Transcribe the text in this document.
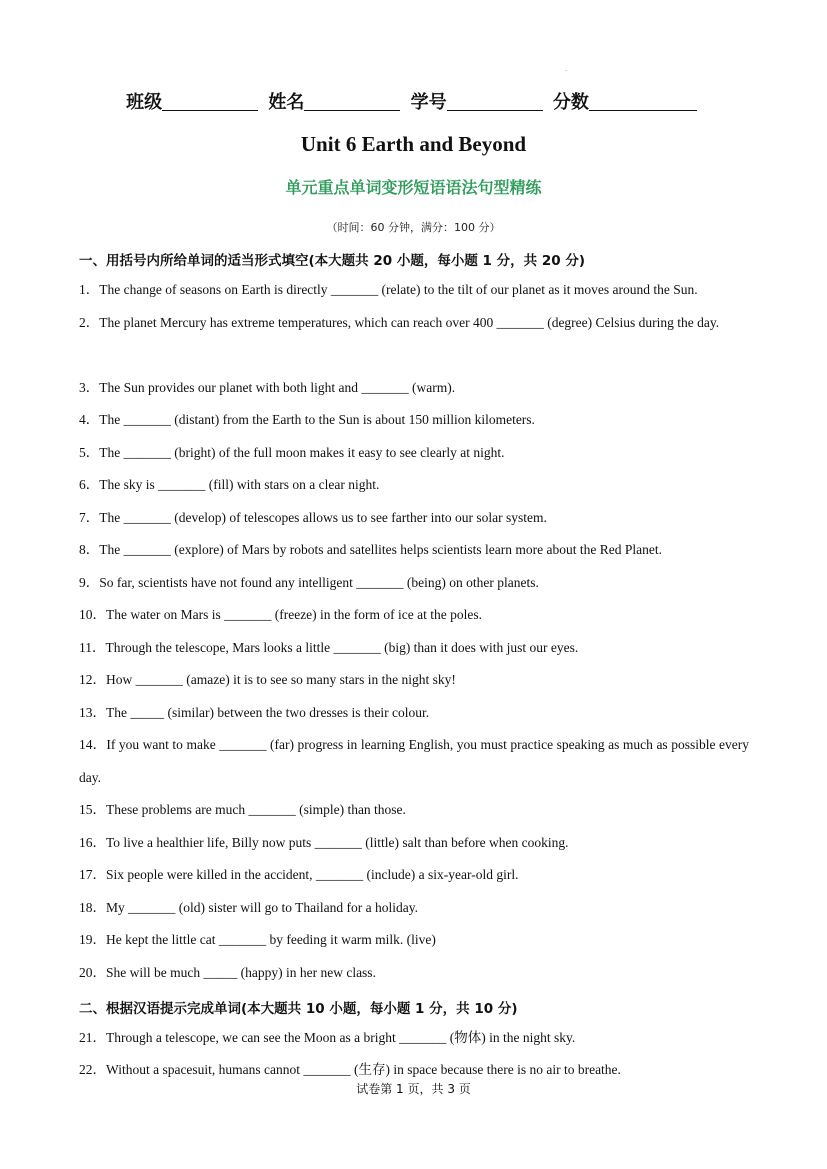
.
班级	姓名	学号	分数
Unit 6 Earth and Beyond
单元重点单词变形短语语法句型精练
（时间：60 分钟，满分：100 分）
一、用括号内所给单词的适当形式填空(本大题共 20 小题，每小题 1 分，共 20 分)
1．The change of seasons on Earth is directly _______ (relate) to the tilt of our planet as it moves around the Sun.
2．The planet Mercury has extreme temperatures, which can reach over 400 _______ (degree) Celsius during the day.
3．The Sun provides our planet with both light and _______ (warm).
4．The _______ (distant) from the Earth to the Sun is about 150 million kilometers.
5．The _______ (bright) of the full moon makes it easy to see clearly at night.
6．The sky is _______ (fill) with stars on a clear night.
7．The _______ (develop) of telescopes allows us to see farther into our solar system.
8．The _______ (explore) of Mars by robots and satellites helps scientists learn more about the Red Planet.
9．So far, scientists have not found any intelligent _______ (being) on other planets.
10．The water on Mars is _______ (freeze) in the form of ice at the poles.
11．Through the telescope, Mars looks a little _______ (big) than it does with just our eyes.
12．How _______ (amaze) it is to see so many stars in the night sky!
13．The _____ (similar) between the two dresses is their colour.
14．If you want to make _______ (far) progress in learning English, you must practice speaking as much as possible every day.
15．These problems are much _______ (simple) than those.
16．To live a healthier life, Billy now puts _______ (little) salt than before when cooking.
17．Six people were killed in the accident, _______ (include) a six-year-old girl.
18．My _______ (old) sister will go to Thailand for a holiday.
19．He kept the little cat _______ by feeding it warm milk. (live)
20．She will be much _____ (happy) in her new class.
二、根据汉语提示完成单词(本大题共 10 小题，每小题 1 分，共 10 分)
21．Through a telescope, we can see the Moon as a bright _______ (物体) in the night sky.
22．Without a spacesuit, humans cannot _______ (生存) in space because there is no air to breathe.
试卷第 1 页，共 3 页
